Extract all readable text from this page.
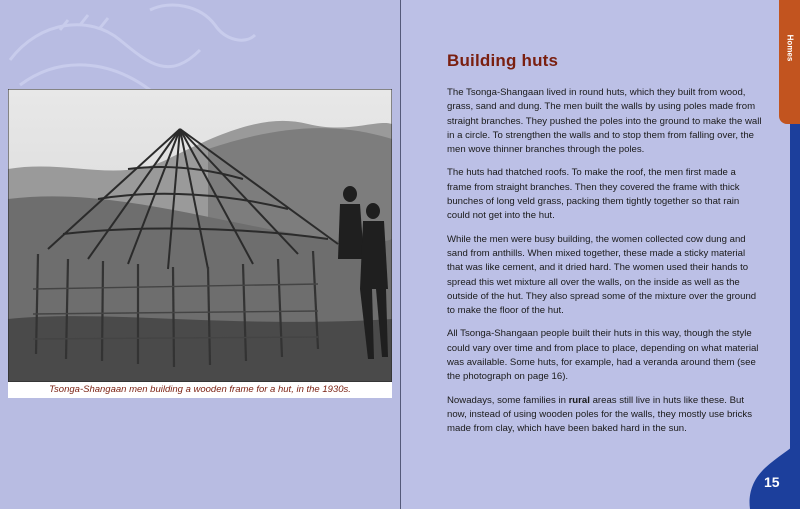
Tsonga-Shangaan men building a wooden frame for a hut, in the 1930s.
Building huts

The Tsonga-Shangaan lived in round huts, which they built from wood, grass, sand and dung. The men built the walls by using poles made from straight branches. They pushed the poles into the ground to make the wall in a circle. To strengthen the walls and to stop them from falling over, the men wove thinner branches through the poles.

The huts had thatched roofs. To make the roof, the men first made a frame from straight branches. Then they covered the frame with thick bunches of long veld grass, packing them tightly together so that rain could not get into the hut.

While the men were busy building, the women collected cow dung and sand from anthills. When mixed together, these made a sticky material that was like cement, and it dried hard. The women used their hands to spread this wet mixture all over the walls, on the inside as well as the outside of the hut. They also spread some of the mixture over the ground to make the floor of the hut.

All Tsonga-Shangaan people built their huts in this way, though the style could vary over time and from place to place, depending on what material was available. Some huts, for example, had a veranda around them (see the photograph on page 16).

Nowadays, some families in rural areas still live in huts like these. But now, instead of using wooden poles for the walls, they mostly use bricks made from clay, which have been baked hard in the sun.

Homes
15
